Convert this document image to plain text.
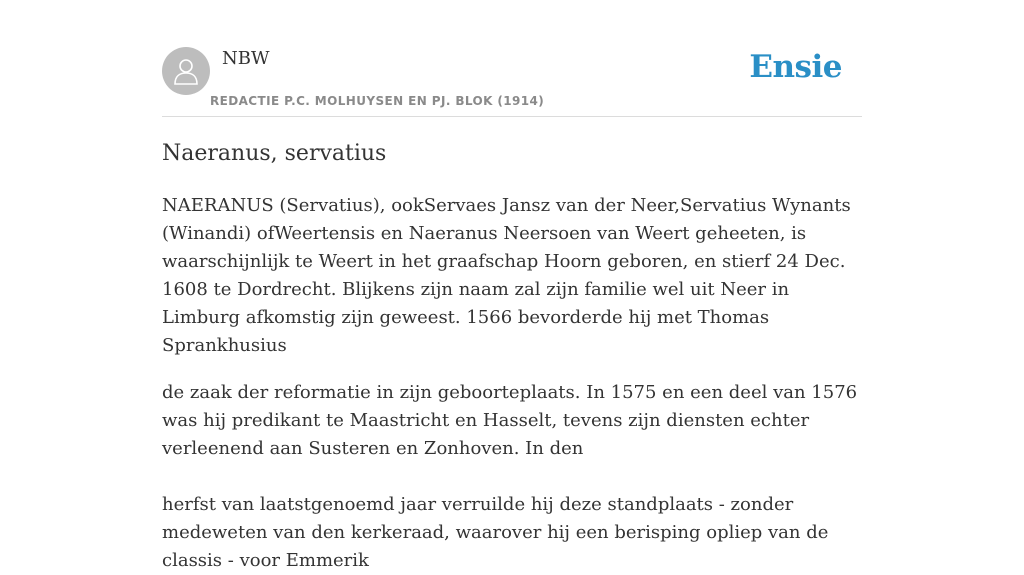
NBW
REDACTIE P.C. MOLHUYSEN EN PJ. BLOK (1914)
Ensie
Naeranus, servatius

NAERANUS (Servatius), ookServaes Jansz van der Neer,Servatius Wynants (Winandi) ofWeertensis en Naeranus Neersoen van Weert geheeten, is waarschijnlijk te Weert in het graafschap Hoorn geboren, en stierf 24 Dec. 1608 te Dordrecht. Blijkens zijn naam zal zijn familie wel uit Neer in Limburg afkomstig zijn geweest. 1566 bevorderde hij met Thomas Sprankhusius

de zaak der reformatie in zijn geboorteplaats. In 1575 en een deel van 1576 was hij predikant te Maastricht en Hasselt, tevens zijn diensten echter verleenend aan Susteren en Zonhoven. In den

herfst van laatstgenoemd jaar verruilde hij deze standplaats - zonder medeweten van den kerkeraad, waarover hij een berisping opliep van de classis - voor Emmerik
